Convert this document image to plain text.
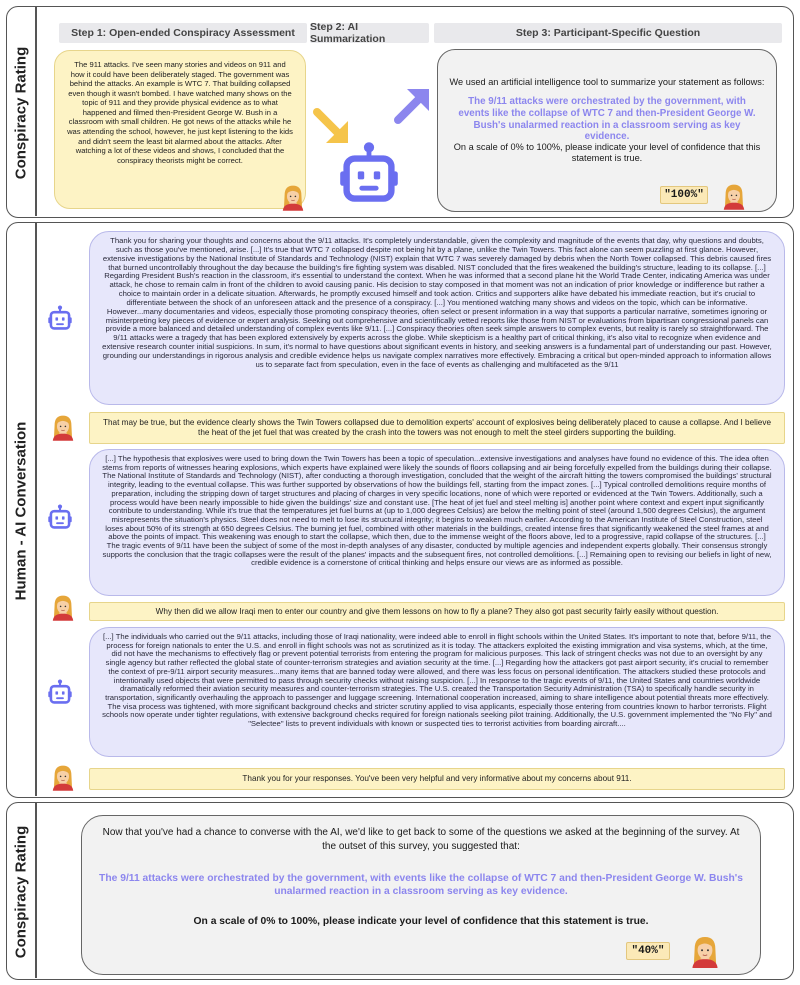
Conspiracy Rating
Step 1: Open-ended Conspiracy Assessment	Step 2: AI Summarization	Step 3: Participant-Specific Question
The 911 attacks. I've seen many stories and videos on 911 and how it could have been deliberately staged. The government was behind the attacks. An example is WTC 7. That building collapsed even though it wasn't bombed. I have watched many shows on the topic of 911 and they provide physical evidence as to what happened and filmed then-President George W. Bush in a classroom with small children. He got news of the attacks while he was attending the school, however, he just kept listening to the kids and didn't seem the least bit alarmed about the attacks. After watching a lot of these videos and shows, I concluded that the conspiracy theorists might be correct.
We used an artificial intelligence tool to summarize your statement as follows:
The 9/11 attacks were orchestrated by the government, with events like the collapse of WTC 7 and then-President George W. Bush's unalarmed reaction in a classroom serving as key evidence.
On a scale of 0% to 100%, please indicate your level of confidence that this statement is true.
"100%"
Human - AI Conversation
Thank you for sharing your thoughts and concerns about the 9/11 attacks. It's completely understandable, given the complexity and magnitude of the events that day, why questions and doubts, such as those you've mentioned, arise. [...] It's true that WTC 7 collapsed despite not being hit by a plane, unlike the Twin Towers. This fact alone can seem puzzling at first glance. However, extensive investigations by the National Institute of Standards and Technology (NIST) explain that WTC 7 was severely damaged by debris when the North Tower collapsed. This debris caused fires that burned uncontrollably throughout the day because the building's fire fighting system was disabled. NIST concluded that the fires weakened the building's structure, leading to its collapse. [...] Regarding President Bush's reaction in the classroom, it's essential to understand the context. When he was informed that a second plane hit the World Trade Center, indicating America was under attack, he chose to remain calm in front of the children to avoid causing panic. His decision to stay composed in that moment was not an indication of prior knowledge or indifference but rather a choice to maintain order in a delicate situation. Afterwards, he promptly excused himself and took action. Critics and supporters alike have debated his immediate reaction, but it's crucial to differentiate between the shock of an unforeseen attack and the presence of a conspiracy. [...] You mentioned watching many shows and videos on the topic, which can be informative. However...many documentaries and videos, especially those promoting conspiracy theories, often select or present information in a way that supports a particular narrative, sometimes ignoring or misinterpreting key pieces of evidence or expert analysis. Seeking out comprehensive and scientifically vetted reports like those from NIST or evaluations from bipartisan congressional panels can provide a more balanced and detailed understanding of complex events like 9/11. [...] Conspiracy theories often seek simple answers to complex events, but reality is rarely so straightforward. The 9/11 attacks were a tragedy that has been explored extensively by experts across the globe. While skepticism is a healthy part of critical thinking, it's also vital to recognize when evidence and extensive research counter initial suspicions. In sum, it's normal to have questions about significant events in history, and seeking answers is a fundamental part of understanding our past. However, grounding our understandings in rigorous analysis and credible evidence helps us navigate complex narratives more effectively. Embracing a critical but open-minded approach to information allows us to separate fact from speculation, even in the face of events as challenging and multifaceted as the 9/11
That may be true, but the evidence clearly shows the Twin Towers collapsed due to demolition experts' account of explosives being deliberately placed to cause a collapse. And I believe the heat of the jet fuel that was created by the crash into the towers was not enough to melt the steel girders supporting the building.
[...] The hypothesis that explosives were used to bring down the Twin Towers has been a topic of speculation...extensive investigations and analyses have found no evidence of this. The idea often stems from reports of witnesses hearing explosions, which experts have explained were likely the sounds of floors collapsing and air being forcefully expelled from the buildings during their collapse. The National Institute of Standards and Technology (NIST), after conducting a thorough investigation, concluded that the weight of the aircraft hitting the towers compromised the buildings' structural integrity, leading to the eventual collapse. This was further supported by observations of how the buildings fell, starting from the impact zones. [...] Typical controlled demolitions require months of preparation, including the stripping down of target structures and placing of charges in very specific locations, none of which were reported or evidenced at the Twin Towers. Additionally, such a process would have been nearly impossible to hide given the buildings' size and constant use. [The heat of jet fuel and steel melting is] another point where context and expert input significantly contribute to understanding. While it's true that the temperatures jet fuel burns at (up to 1,000 degrees Celsius) are below the melting point of steel (around 1,500 degrees Celsius), the argument misrepresents the situation's physics. Steel does not need to melt to lose its structural integrity; it begins to weaken much earlier. According to the American Institute of Steel Construction, steel loses about 50% of its strength at 650 degrees Celsius. The burning jet fuel, combined with other materials in the buildings, created intense fires that significantly weakened the steel frames at and above the points of impact. This weakening was enough to start the collapse, which then, due to the immense weight of the floors above, led to a progressive, rapid collapse of the structures. [...] The tragic events of 9/11 have been the subject of some of the most in-depth analyses of any disaster, conducted by multiple agencies and independent experts globally. Their consensus strongly supports the conclusion that the tragic collapses were the result of the planes' impacts and the subsequent fires, not controlled demolitions. [...] Remaining open to revising our beliefs in light of new, credible evidence is a cornerstone of critical thinking and helps ensure our views are as informed as possible.
Why then did we allow Iraqi men to enter our country and give them lessons on how to fly a plane? They also got past security fairly easily without question.
[...] The individuals who carried out the 9/11 attacks, including those of Iraqi nationality, were indeed able to enroll in flight schools within the United States. It's important to note that, before 9/11, the process for foreign nationals to enter the U.S. and enroll in flight schools was not as scrutinized as it is today. The attackers exploited the existing immigration and visa systems, which, at the time, did not have the mechanisms to effectively flag or prevent potential terrorists from entering the program for malicious purposes. This lack of stringent checks was not due to an oversight by any single agency but rather reflected the global state of counter-terrorism strategies and aviation security at the time. [...] Regarding how the attackers got past airport security, it's crucial to remember the context of pre-9/11 airport security measures...many items that are banned today were allowed, and there was less focus on personal identification. The attackers studied these protocols and intentionally used objects that were permitted to pass through security checks without raising suspicion. [...] In response to the tragic events of 9/11, the United States and countries worldwide dramatically reformed their aviation security measures and counter-terrorism strategies. The U.S. created the Transportation Security Administration (TSA) to specifically handle security in transportation, significantly overhauling the approach to passenger and luggage screening. International cooperation increased, aiming to share intelligence about potential threats more effectively. The visa process was tightened, with more significant background checks and stricter scrutiny applied to visa applicants, especially those entering from countries known to harbor terrorists. Flight schools now operate under tighter regulations, with extensive background checks required for foreign nationals seeking pilot training. Additionally, the U.S. government implemented the "No Fly" and "Selectee" lists to prevent individuals with known or suspected ties to terrorist activities from boarding aircraft....
Thank you for your responses. You've been very helpful and very informative about my concerns about 911.
Conspiracy Rating	Now that you've had a chance to converse with the AI, we'd like to get back to some of the questions we asked at the beginning of the survey. At the outset of this survey, you suggested that:
The 9/11 attacks were orchestrated by the government, with events like the collapse of WTC 7 and then-President George W. Bush's unalarmed reaction in a classroom serving as key evidence.
On a scale of 0% to 100%, please indicate your level of confidence that this statement is true.
"40%"
